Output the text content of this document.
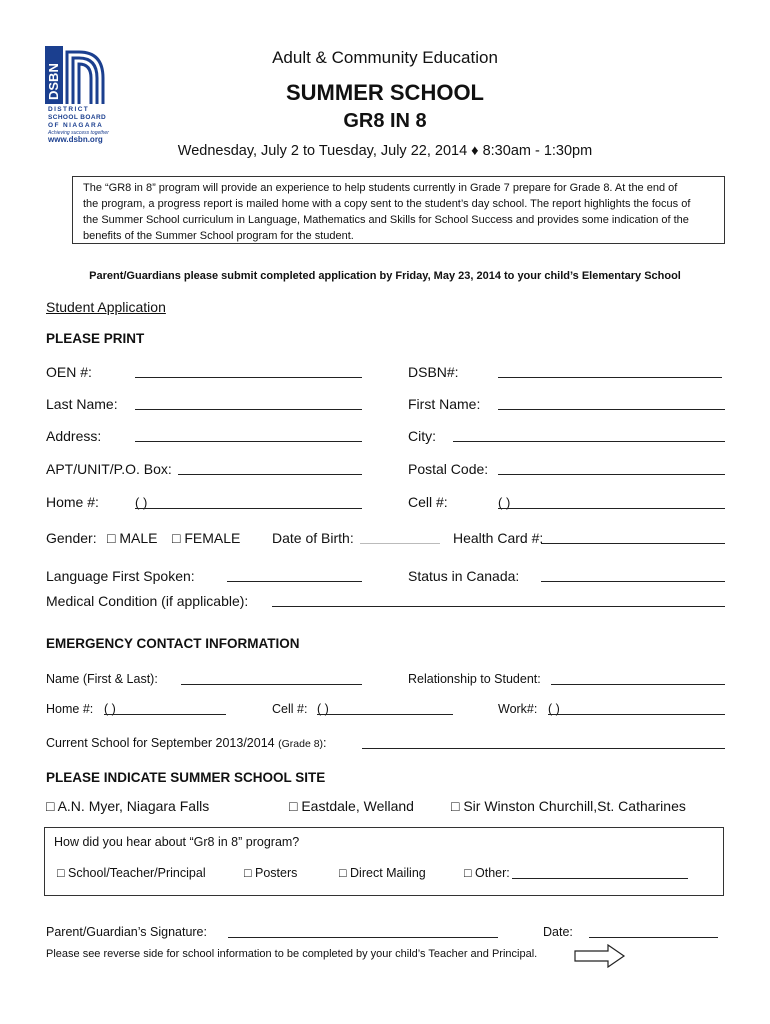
DSBN
DISTRICT
SCHOOL BOARD
OF NIAGARA
Achieving success together
www.dsbn.org
Adult & Community Education
SUMMER SCHOOL
GR8 IN 8
Wednesday, July 2 to Tuesday, July 22, 2014 ♦ 8:30am - 1:30pm
The “GR8 in 8” program will provide an experience to help students currently in Grade 7 prepare for Grade 8. At the end of
the program, a progress report is mailed home with a copy sent to the student’s day school. The report highlights the focus of
the Summer School curriculum in Language, Mathematics and Skills for School Success and provides some indication of the
benefits of the Summer School program for the student.
Parent/Guardians please submit completed application by Friday, May 23, 2014 to your child’s Elementary School
Student Application
PLEASE PRINT
OEN #:	DSBN#:
Last Name:	First Name:
Address:	City:
APT/UNIT/P.O. Box:	Postal Code:
Home #:	( )	Cell #:	( )
Gender: □ MALE □ FEMALE Date of Birth:	Health Card #:
Language First Spoken:	Status in Canada:
Medical Condition (if applicable):
EMERGENCY CONTACT INFORMATION
Name (First & Last):	Relationship to Student:
Home #: ( )	Cell #: ( )	Work#: ( )
Current School for September 2013/2014 (Grade 8):
PLEASE INDICATE SUMMER SCHOOL SITE
□ A.N. Myer, Niagara Falls	□ Eastdale, Welland	□ Sir Winston Churchill,St. Catharines
How did you hear about “Gr8 in 8” program?
□ School/Teacher/Principal	□ Posters	□ Direct Mailing	□ Other:
Parent/Guardian’s Signature:	Date:
Please see reverse side for school information to be completed by your child’s Teacher and Principal.
